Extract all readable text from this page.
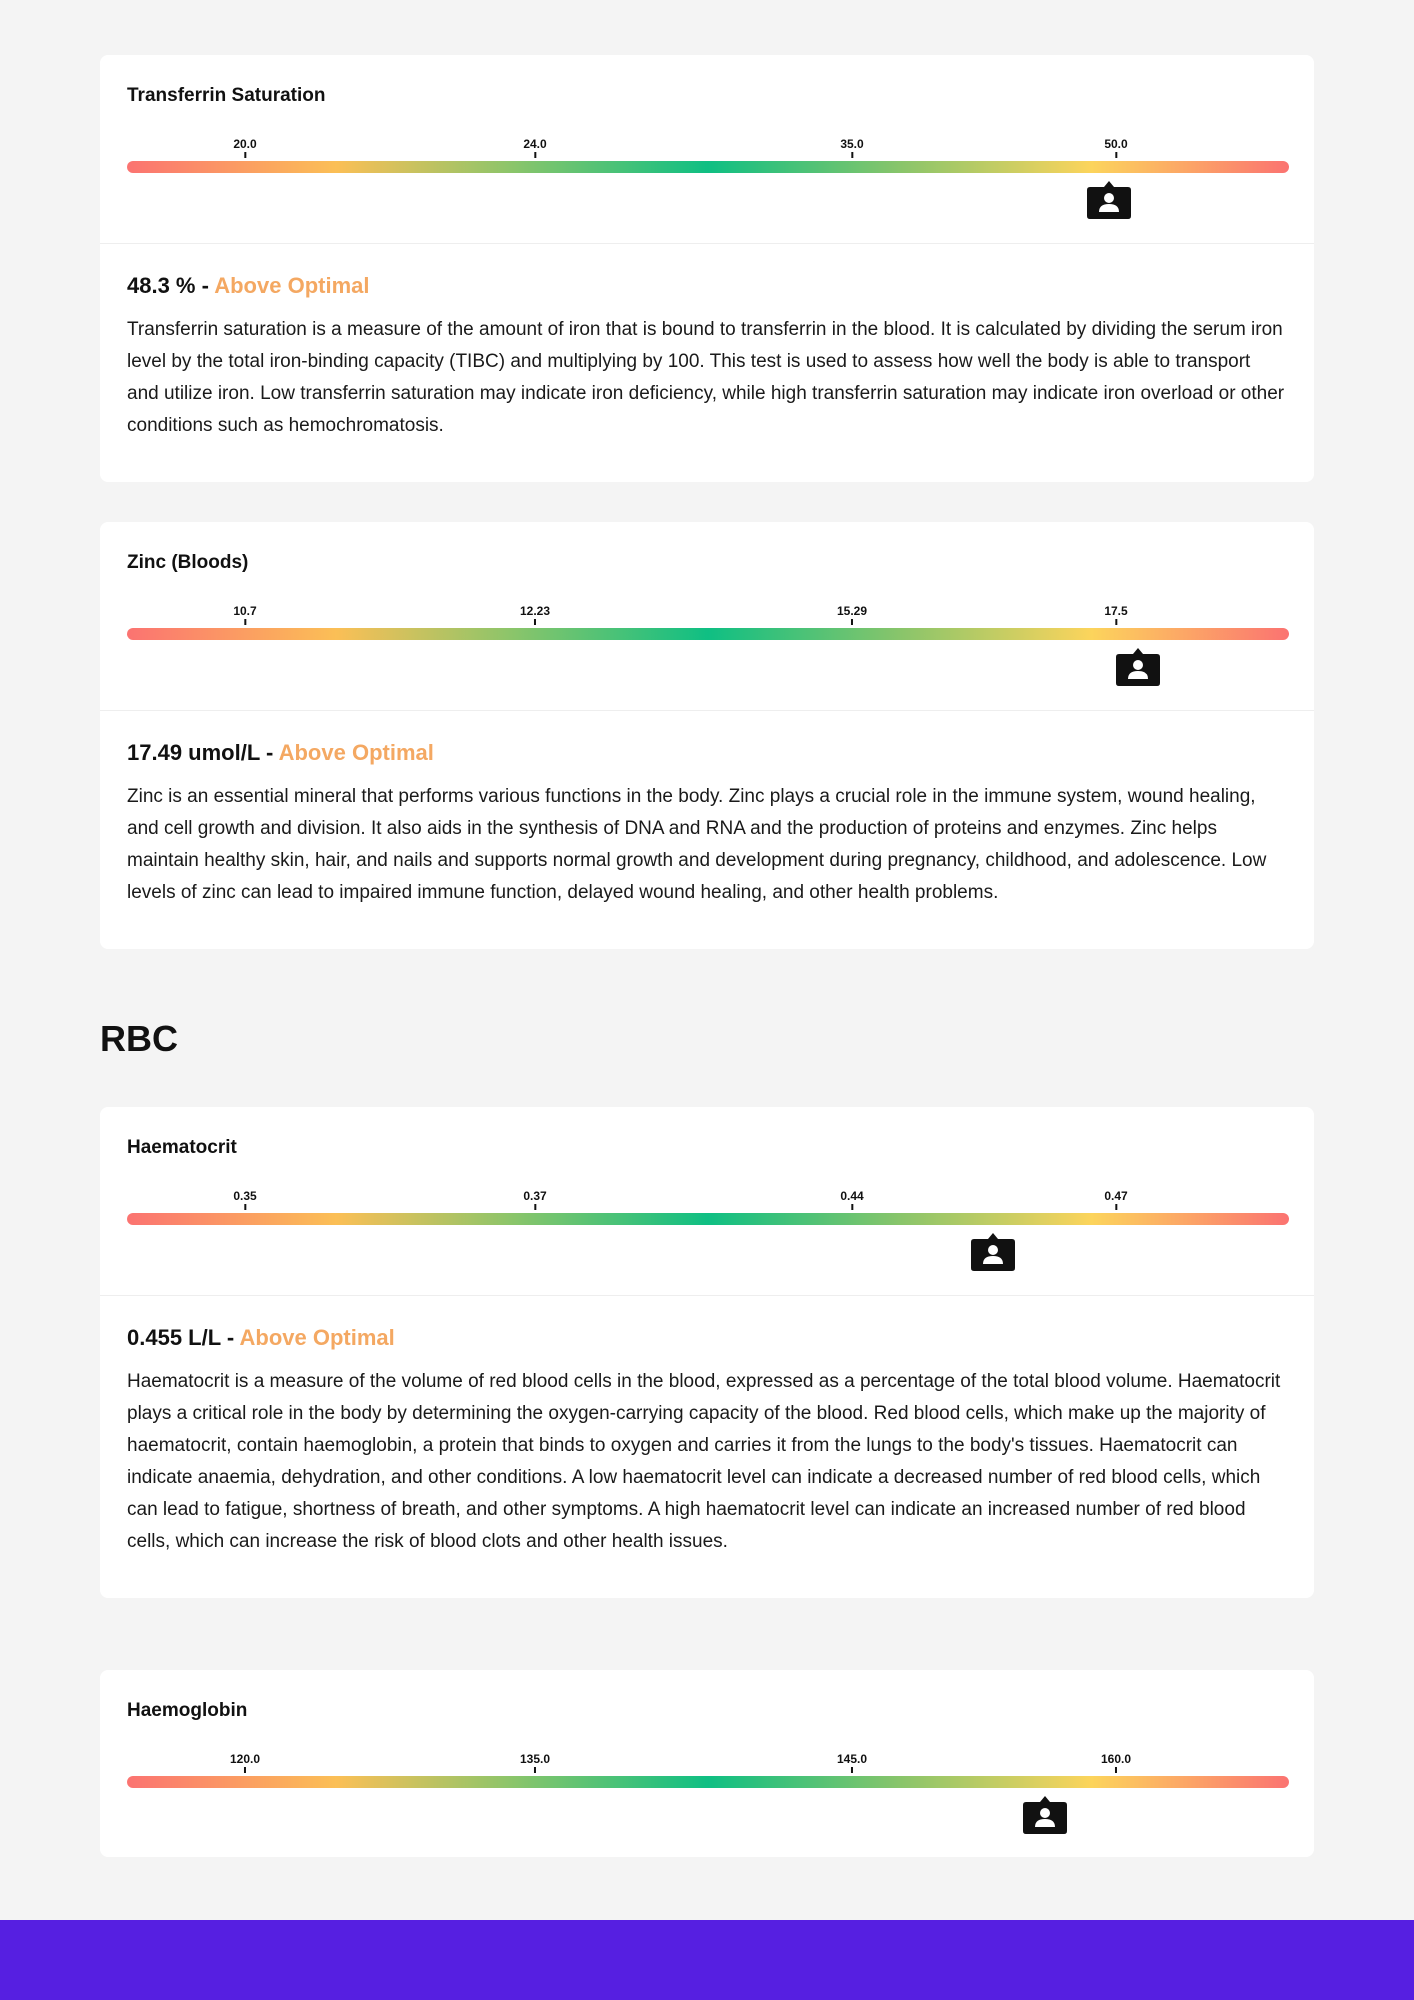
Transferrin Saturation
20.0	24.0	35.0	50.0

48.3 % - Above Optimal

Transferrin saturation is a measure of the amount of iron that is bound to transferrin in the blood. It is calculated by dividing the serum iron level by the total iron-binding capacity (TIBC) and multiplying by 100. This test is used to assess how well the body is able to transport and utilize iron. Low transferrin saturation may indicate iron deficiency, while high transferrin saturation may indicate iron overload or other conditions such as hemochromatosis.

Zinc (Bloods)
10.7	12.23	15.29	17.5

17.49 umol/L - Above Optimal

Zinc is an essential mineral that performs various functions in the body. Zinc plays a crucial role in the immune system, wound healing, and cell growth and division. It also aids in the synthesis of DNA and RNA and the production of proteins and enzymes. Zinc helps maintain healthy skin, hair, and nails and supports normal growth and development during pregnancy, childhood, and adolescence. Low levels of zinc can lead to impaired immune function, delayed wound healing, and other health problems.

RBC
Haematocrit
0.35	0.37	0.44	0.47

0.455 L/L - Above Optimal

Haematocrit is a measure of the volume of red blood cells in the blood, expressed as a percentage of the total blood volume. Haematocrit plays a critical role in the body by determining the oxygen-carrying capacity of the blood. Red blood cells, which make up the majority of haematocrit, contain haemoglobin, a protein that binds to oxygen and carries it from the lungs to the body's tissues. Haematocrit can indicate anaemia, dehydration, and other conditions. A low haematocrit level can indicate a decreased number of red blood cells, which can lead to fatigue, shortness of breath, and other symptoms. A high haematocrit level can indicate an increased number of red blood cells, which can increase the risk of blood clots and other health issues.

Haemoglobin
120.0	135.0	145.0	160.0
